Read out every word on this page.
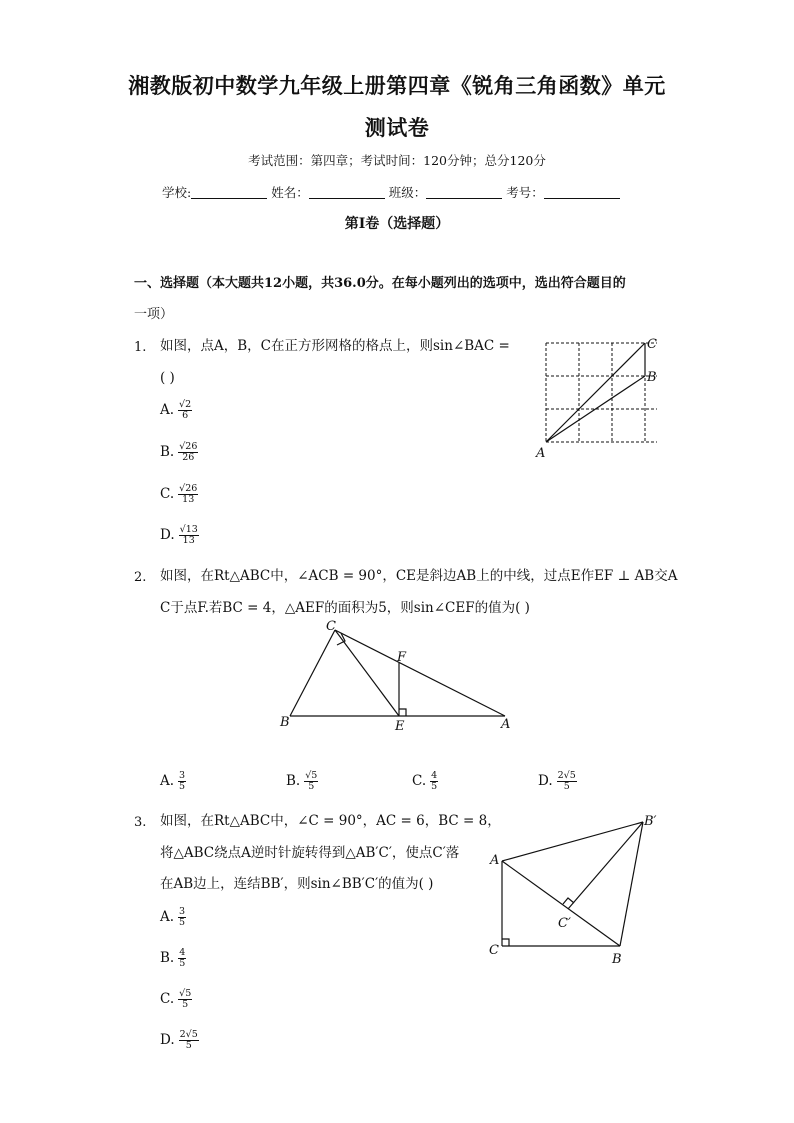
湘教版初中数学九年级上册第四章《锐角三角函数》单元
测试卷
考试范围：第四章；考试时间：120分钟；总分120分
学校:	姓名：	班级：	考号：
第I卷（选择题）
一、选择题（本大题共12小题，共36.0分。在每小题列出的选项中，选出符合题目的
一项）
1. 如图，点A，B，C在正方形网格的格点上，则sin∠BAC =
( )
A. $\frac{√2}{6}$
B. $\frac{√26}{26}$
C. $\frac{√26}{13}$
D. $\frac{√13}{13}$
A
B
C
2. 如图，在Rt△ABC中，∠ACB = 90°，CE是斜边AB上的中线，过点E作EF ⊥ AB交A
C于点F.若BC = 4，△AEF的面积为5，则sin∠CEF的值为( )
C
F
B	E	A
A. $\frac{3}{5}$	B. $\frac{√5}{5}$	C. $\frac{4}{5}$	D. $\frac{2√5}{5}$
3. 如图，在Rt△ABC中，∠C = 90°，AC = 6，BC = 8，
将△ABC绕点A逆时针旋转得到△AB′C′，使点C′落
在AB边上，连结BB′，则sin∠BB′C′的值为( )
A. $\frac{3}{5}$
B. $\frac{4}{5}$
C. $\frac{√5}{5}$
D. $\frac{2√5}{5}$
A
B′
C′
C
B
